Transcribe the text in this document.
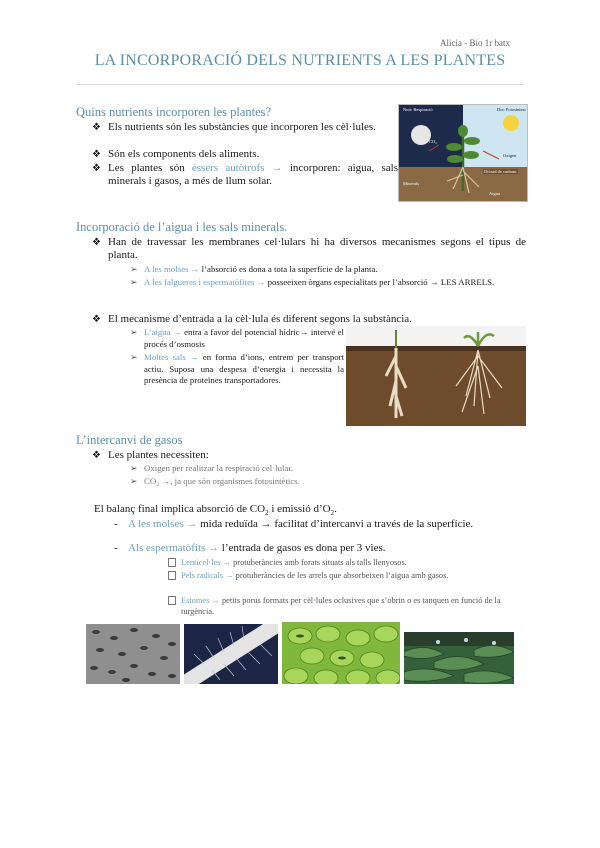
Alicia - Bio 1r batx
LA INCORPORACIÓ DELS NUTRIENTS A LES PLANTES
Quins nutrients incorporen les plantes?
❖ Els nutrients són les substàncies que incorporen les cèl·lules.
❖ Són els components dels aliments.
❖ Les plantes són éssers autòtrofs → incorporen: aigua, sals minerals i gasos, a més de llum solar.
Nuit: Respiració	Dia: Fotosíntesi
Oxigen
CO₂
Diòxid de carboni
Minerals
Aigua
Incorporació de l’aigua i les sals minerals.
❖ Han de travessar les membranes cel·lulars hi ha diversos mecanismes segons el tipus de planta.
➢ A les molses → l’absorció es dona a tota la superfície de la planta.
➢ A les falgueres i espermatòfites → posseeixen òrgans especialitats per l’absorció → LES ARRELS.
❖ El mecanisme d’entrada a la cèl·lula és diferent segons la substància.
➢ L’aigua → entra a favor del potencial hídric→ intervé el procés d’osmosis
➢ Moltes sals → en forma d’ions, entrem per transport actiu. Suposa una despesa d’energia i necessita la presència de proteïnes transportadores.
L’intercanvi de gasos
❖ Les plantes necessiten:
➢ Oxigen per realitzar la respiració cel·lular.
➢ CO₂ →, ja que són organismes fotosintètics.
El balanç final implica absorció de $CO_2$ i emissió $d’O_2$.
- A les molses → mida reduïda → facilitat d’intercanvi a través de la superfície.
- Als espermatòfits → l’entrada de gasos es dona per 3 vies.
Lenticel·les → protuberàncies amb forats situats als talls llenyosos.
Pels radicals → protuberàncies de les arrels que absorbeixen l’aigua amb gasos.
Estomes → petits porus formats per cèl·lules oclusives que s’obrin o es tanquen en funció de la turgència.
